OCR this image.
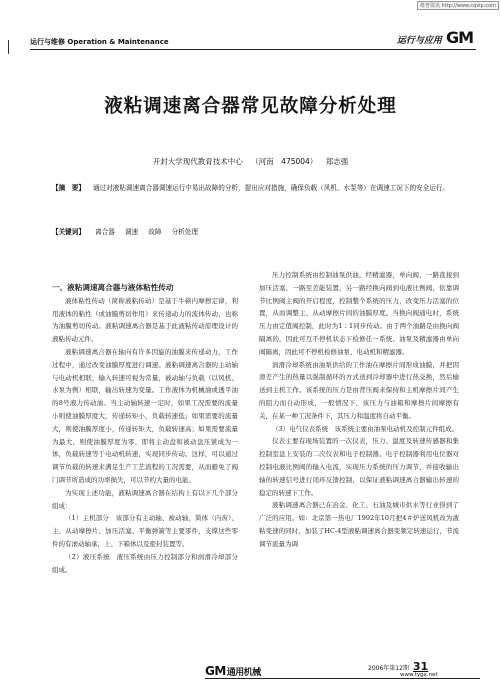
维普资讯 http://www.cqvip.com
运行与维修 Operation & Maintenance	运行与应用 GM
液粘调速离合器常见故障分析处理
开封大学现代教育技术中心 （河南　475004） 郑志强
【摘　要】 通过对液粘调速离合器调速运行中易出故障的分析，提出应对措施，确保负载（风机、水泵等）在调速工况下的安全运行。
【关键词】 离合器 调速 故障 分析处理

一、液粘调速离合器与液体粘性传动

液体粘性传动（简称液粘传动）是基于牛顿内摩擦定律，利用液体的粘性（或油膜剪切作用）来传递动力的流体传动，也称为油膜剪切传动。液粘调速离合器是基于此液粘传动原理设计的液粘传动元件。

液粘调速离合器在轴向有许多因旋的油膜来传递动力，工作过程中，通过改变油膜厚度进行调速。液粘调速离合器的主动轴与电动机相联，输入转速可视为常量，被动轴与负载（以风机、水泵为例）相联，输出转速为变量。工作液体为机械油或透平油的8号液力传动油。当主动轴转速一定时，如果工况需要的流量小则使油膜厚度大，传递转矩小，负载转速低；如果需要的流量大，则使油膜厚度小，传递转矩大，负载转速高；如果需要流量为最大，则使油膜厚度为零，即将主动盘和被动盘压紧成为一体，负载转速等于电动机转速，实现同步传动。这样，可以通过调节负载的转速来满足生产工艺流程的工况需要，从而避免了阀门调节所造成的功率损失，可以节约大量的电能。

为实现上述功能，液粘调速离合器在结构上有以下几个部分组成：

（1）主机部分　该部分有主动轴、被动轴、简体（内齿）、主、从动摩擦片、加压活塞、平衡弹簧等主要零件，支撑这些零件的有滚动轴承，上、下箱体以及密封装置等。

（2）液压系统　液压系统由压力控制部分和润滑冷却部分组成。

压力控制系统由控制油泵供油，经精滤器，单向阀，一路直接到加压活塞，一路至差能装置，另一路经换向阀到电液比例阀，依靠调节比例阀主阀的开启程度，控制整个系统的压力，改变压力活塞的位置，从而调整主、从动摩擦片间的油膜厚度。当换向阀通电时，系统压力由定值阀控制，此时为1∶1同步传动。由于两个油路是由换向阀隔离的，因此可互不停机状态下检修任一系统。油泵及精滤器由单向阀隔离，因此可不停机检修油泵、电动机和精滤器。

润滑冷却系统由油泵供给的工作油在摩擦片间形成油膜，并把因滑差产生的热量以强制循环的方式送到冷却器中进行热交换，然后输送到主机工作。该系统的压力是由背压阀来保持和主机摩擦片间产生的阻力而自动形成，一般情况下，该压力与油箱和摩擦片间摩擦有关，在某一种工况条件下，其压力和温度将自动平衡。

（3）电气仪表系统　该系统主要由油泵电动机及控制元件组成。

仪表主要有现场装置的一次仪表，压力、温度及转速传感器和集控制室盘上安装的二次仪表和电子控制器。电子控制器利用电位器对控制电液比例阀的输入电流，实现压力系统的压力调节，并接收输出轴的转速信号进行闭环反馈控制，以保证液粘调速离合器输出转速的稳定的转速下工作。

液粘调速离合器已在冶金、化工、石油及城市供水等行业得到了广泛的应用。如：北京第一热电厂1992年10月把4＃炉送风机改为液粘变速的同时，加装了HC-4型液粘调速离合器变频定转速运行，节流调节流量为调

GM通用机械	2006年第12期 31
www.tygx.net
